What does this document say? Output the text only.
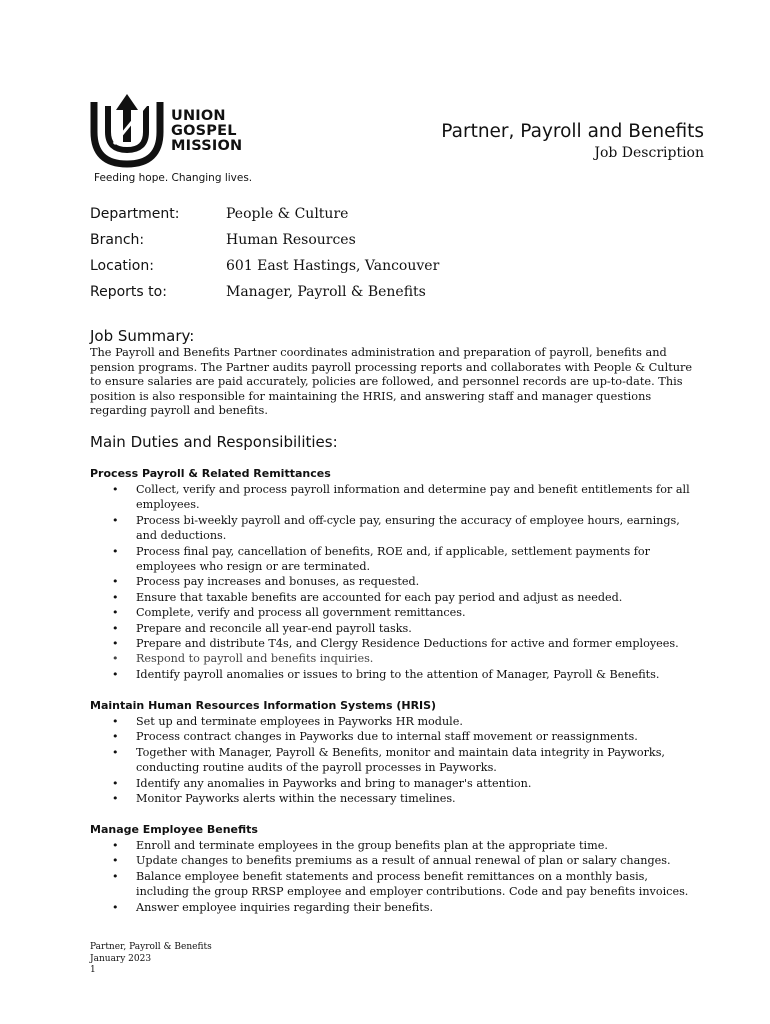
UNION
GOSPEL
MISSION
Feeding hope. Changing lives.
Partner, Payroll and Benefits
Job Description
Department:	People & Culture
Branch:	Human Resources
Location:	601 East Hastings, Vancouver
Reports to:	Manager, Payroll & Benefits
Job Summary:
The Payroll and Benefits Partner coordinates administration and preparation of payroll, benefits and pension programs. The Partner audits payroll processing reports and collaborates with People & Culture to ensure salaries are paid accurately, policies are followed, and personnel records are up-to-date. This position is also responsible for maintaining the HRIS, and answering staff and manager questions regarding payroll and benefits.
Main Duties and Responsibilities:
Process Payroll & Related Remittances
• Collect, verify and process payroll information and determine pay and benefit entitlements for all employees.
• Process bi-weekly payroll and off-cycle pay, ensuring the accuracy of employee hours, earnings, and deductions.
• Process final pay, cancellation of benefits, ROE and, if applicable, settlement payments for employees who resign or are terminated.
• Process pay increases and bonuses, as requested.
• Ensure that taxable benefits are accounted for each pay period and adjust as needed.
• Complete, verify and process all government remittances.
• Prepare and reconcile all year-end payroll tasks.
• Prepare and distribute T4s, and Clergy Residence Deductions for active and former employees.
• Respond to payroll and benefits inquiries.
• Identify payroll anomalies or issues to bring to the attention of Manager, Payroll & Benefits.
Maintain Human Resources Information Systems (HRIS)
• Set up and terminate employees in Payworks HR module.
• Process contract changes in Payworks due to internal staff movement or reassignments.
• Together with Manager, Payroll & Benefits, monitor and maintain data integrity in Payworks, conducting routine audits of the payroll processes in Payworks.
• Identify any anomalies in Payworks and bring to manager's attention.
• Monitor Payworks alerts within the necessary timelines.
Manage Employee Benefits
• Enroll and terminate employees in the group benefits plan at the appropriate time.
• Update changes to benefits premiums as a result of annual renewal of plan or salary changes.
• Balance employee benefit statements and process benefit remittances on a monthly basis, including the group RRSP employee and employer contributions. Code and pay benefits invoices.
• Answer employee inquiries regarding their benefits.
Partner, Payroll & Benefits
January 2023
1
